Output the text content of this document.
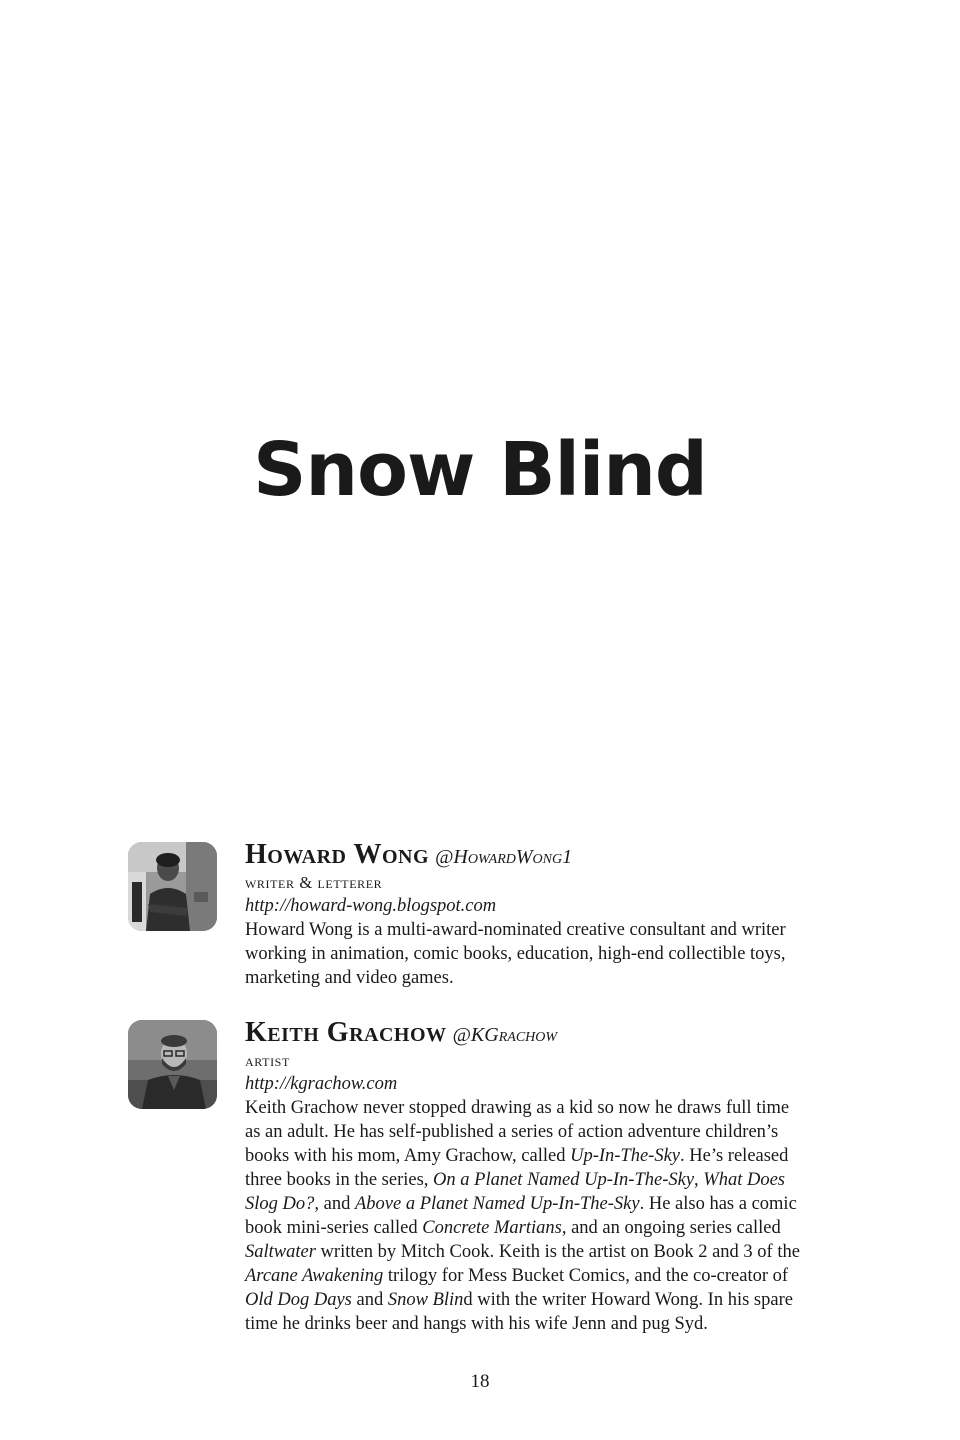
Snow Blind
Howard Wong @HowardWong1
writer & letterer
http://howard-wong.blogspot.com
Howard Wong is a multi-award-nominated creative consultant and writer
working in animation, comic books, education, high-end collectible toys,
marketing and video games.
Keith Grachow @KGrachow
artist
http://kgrachow.com
Keith Grachow never stopped drawing as a kid so now he draws full time
as an adult. He has self-published a series of action adventure children’s
books with his mom, Amy Grachow, called Up-In-The-Sky. He’s released
three books in the series, On a Planet Named Up-In-The-Sky, What Does
Slog Do?, and Above a Planet Named Up-In-The-Sky. He also has a comic
book mini-series called Concrete Martians, and an ongoing series called
Saltwater written by Mitch Cook. Keith is the artist on Book 2 and 3 of the
Arcane Awakening trilogy for Mess Bucket Comics, and the co-creator of
Old Dog Days and Snow Blind with the writer Howard Wong. In his spare
time he drinks beer and hangs with his wife Jenn and pug Syd.
18
